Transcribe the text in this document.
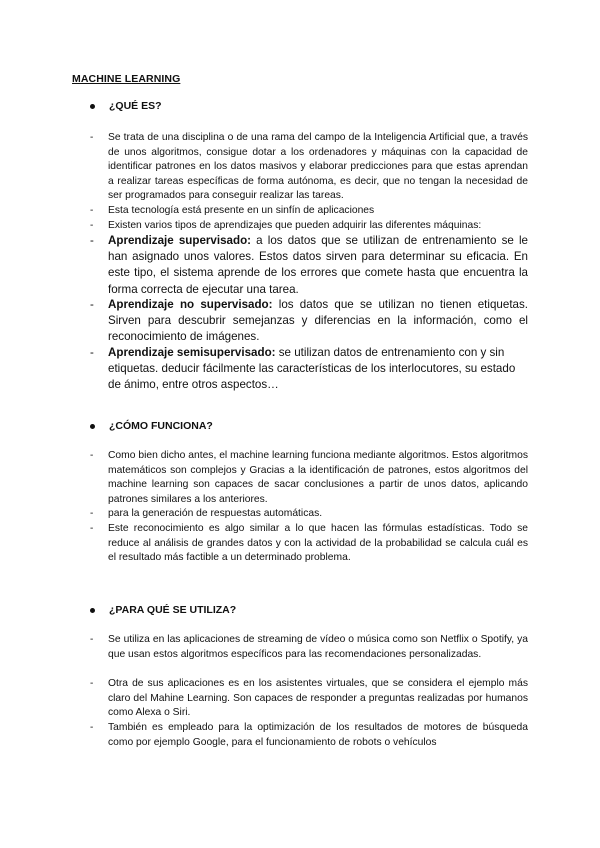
MACHINE LEARNING
¿QUÉ ES?
-	Se trata de una disciplina o de una rama del campo de la Inteligencia Artificial que, a través de unos algoritmos, consigue dotar a los ordenadores y máquinas con la capacidad de identificar patrones en los datos masivos y elaborar predicciones para que estas aprendan a realizar tareas específicas de forma autónoma, es decir, que no tengan la necesidad de ser programados para conseguir realizar las tareas.
-	Esta tecnología está presente en un sinfín de aplicaciones
-	Existen varios tipos de aprendizajes que pueden adquirir las diferentes máquinas:
-	Aprendizaje supervisado: a los datos que se utilizan de entrenamiento se le han asignado unos valores. Estos datos sirven para determinar su eficacia. En este tipo, el sistema aprende de los errores que comete hasta que encuentra la forma correcta de ejecutar una tarea.
-	Aprendizaje no supervisado: los datos que se utilizan no tienen etiquetas. Sirven para descubrir semejanzas y diferencias en la información, como el reconocimiento de imágenes.
-	Aprendizaje semisupervisado: se utilizan datos de entrenamiento con y sin etiquetas. deducir fácilmente las características de los interlocutores, su estado de ánimo, entre otros aspectos…
¿CÓMO FUNCIONA?
-	Como bien dicho antes, el machine learning funciona mediante algoritmos. Estos algoritmos matemáticos son complejos y Gracias a la identificación de patrones, estos algoritmos del machine learning son capaces de sacar conclusiones a partir de unos datos, aplicando patrones similares a los anteriores.
-	para la generación de respuestas automáticas.
-	Este reconocimiento es algo similar a lo que hacen las fórmulas estadísticas. Todo se reduce al análisis de grandes datos y con la actividad de la probabilidad se calcula cuál es el resultado más factible a un determinado problema.
¿PARA QUÉ SE UTILIZA?
-	Se utiliza en las aplicaciones de streaming de vídeo o música como son Netflix o Spotify, ya que usan estos algoritmos específicos para las recomendaciones personalizadas.
-	Otra de sus aplicaciones es en los asistentes virtuales, que se considera el ejemplo más claro del Mahine Learning. Son capaces de responder a preguntas realizadas por humanos como Alexa o Siri.
-	También es empleado para la optimización de los resultados de motores de búsqueda como por ejemplo Google, para el funcionamiento de robots o vehículos
